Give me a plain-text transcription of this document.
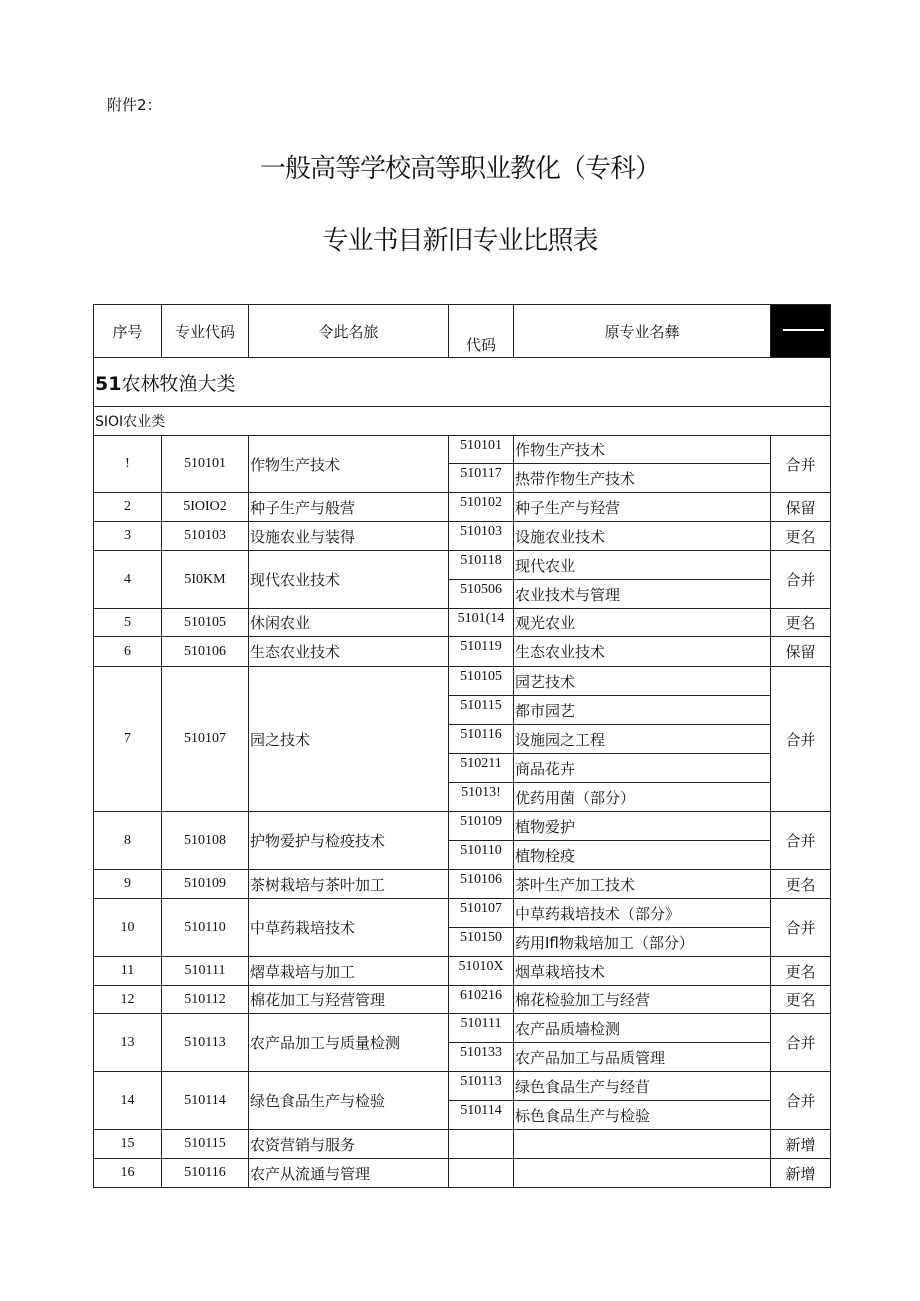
附件2：
一般高等学校高等职业教化（专科）
专业书目新旧专业比照表
序号	专业代码	令此名旅	代码	原专业名彝	

51农林牧渔大类					
SIOI农业类					
!	510101	作物生产技术	510101	作物生产技术	合并
			510117	热带作物生产技术	
2	5IOIO2	种子生产与般营	510102	种子生产与羟营	保留
3	510103	设施农业与装得	510103	设施农业技术	更名
4	5I0KM	现代农业技术	510118	现代农业	合并
			510506	农业技术与管理	
5	510105	休闲农业	5101(14	观光农业	更名
6	510106	生态农业技术	510119	生态农业技术	保留
7	510107	园之技术	510105	园艺技术	合并
			510115	都市园艺	
			510116	设施园之工程	
			510211	商品花卉	
			51013!	优药用菌（部分）	
8	510108	护物爱护与检疫技术	510109	植物爱护	合并
			510110	植物栓疫	
9	510109	茶树栽培与茶叶加工	510106	茶叶生产加工技术	更名
10	510110	中草药栽培技术	510107	中草药栽培技术（部分》	合并
			510150	药用Ifl物栽培加工（部分）	
11	510111	熠草栽培与加工	51010X	烟草栽培技术	更名
12	510112	棉花加工与羟营管理	610216	棉花检验加工与经营	更名
13	510113	农产品加工与质量检测	510111	农产品质墙检测	合并
			510133	农产品加工与品质管理	
14	510114	绿色食品生产与检验	510113	绿色食品生产与经苜	合并
			510114	标色食品生产与检验	
15	510115	农资营销与服务			新增
16	510116	农产从流通与管理			新增
